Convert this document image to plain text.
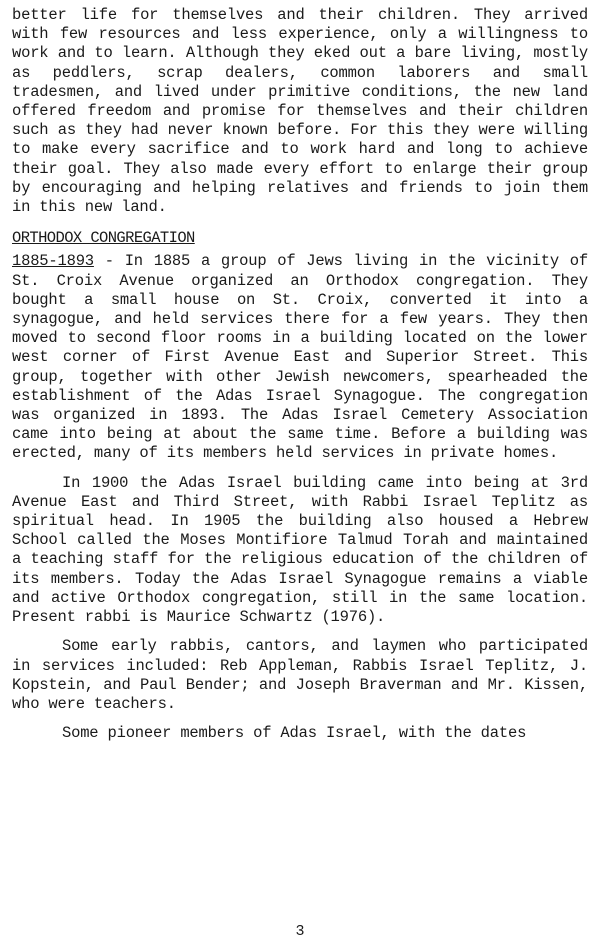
better life for themselves and their children. They arrived with few resources and less experience, only a willingness to work and to learn. Although they eked out a bare living, mostly as peddlers, scrap dealers, common laborers and small tradesmen, and lived under primitive conditions, the new land offered freedom and promise for themselves and their children such as they had never known before. For this they were willing to make every sacrifice and to work hard and long to achieve their goal. They also made every effort to enlarge their group by encouraging and helping relatives and friends to join them in this new land.

ORTHODOX CONGREGATION

1885-1893 - In 1885 a group of Jews living in the vicinity of St. Croix Avenue organized an Orthodox congregation. They bought a small house on St. Croix, converted it into a synagogue, and held services there for a few years. They then moved to second floor rooms in a building located on the lower west corner of First Avenue East and Superior Street. This group, together with other Jewish newcomers, spearheaded the establishment of the Adas Israel Synagogue. The congregation was organized in 1893. The Adas Israel Cemetery Association came into being at about the same time. Before a building was erected, many of its members held services in private homes.

In 1900 the Adas Israel building came into being at 3rd Avenue East and Third Street, with Rabbi Israel Teplitz as spiritual head. In 1905 the building also housed a Hebrew School called the Moses Montifiore Talmud Torah and maintained a teaching staff for the religious education of the children of its members. Today the Adas Israel Synagogue remains a viable and active Orthodox congregation, still in the same location. Present rabbi is Maurice Schwartz (1976).

Some early rabbis, cantors, and laymen who participated in services included: Reb Appleman, Rabbis Israel Teplitz, J. Kopstein, and Paul Bender; and Joseph Braverman and Mr. Kissen, who were teachers.

Some pioneer members of Adas Israel, with the dates

3
